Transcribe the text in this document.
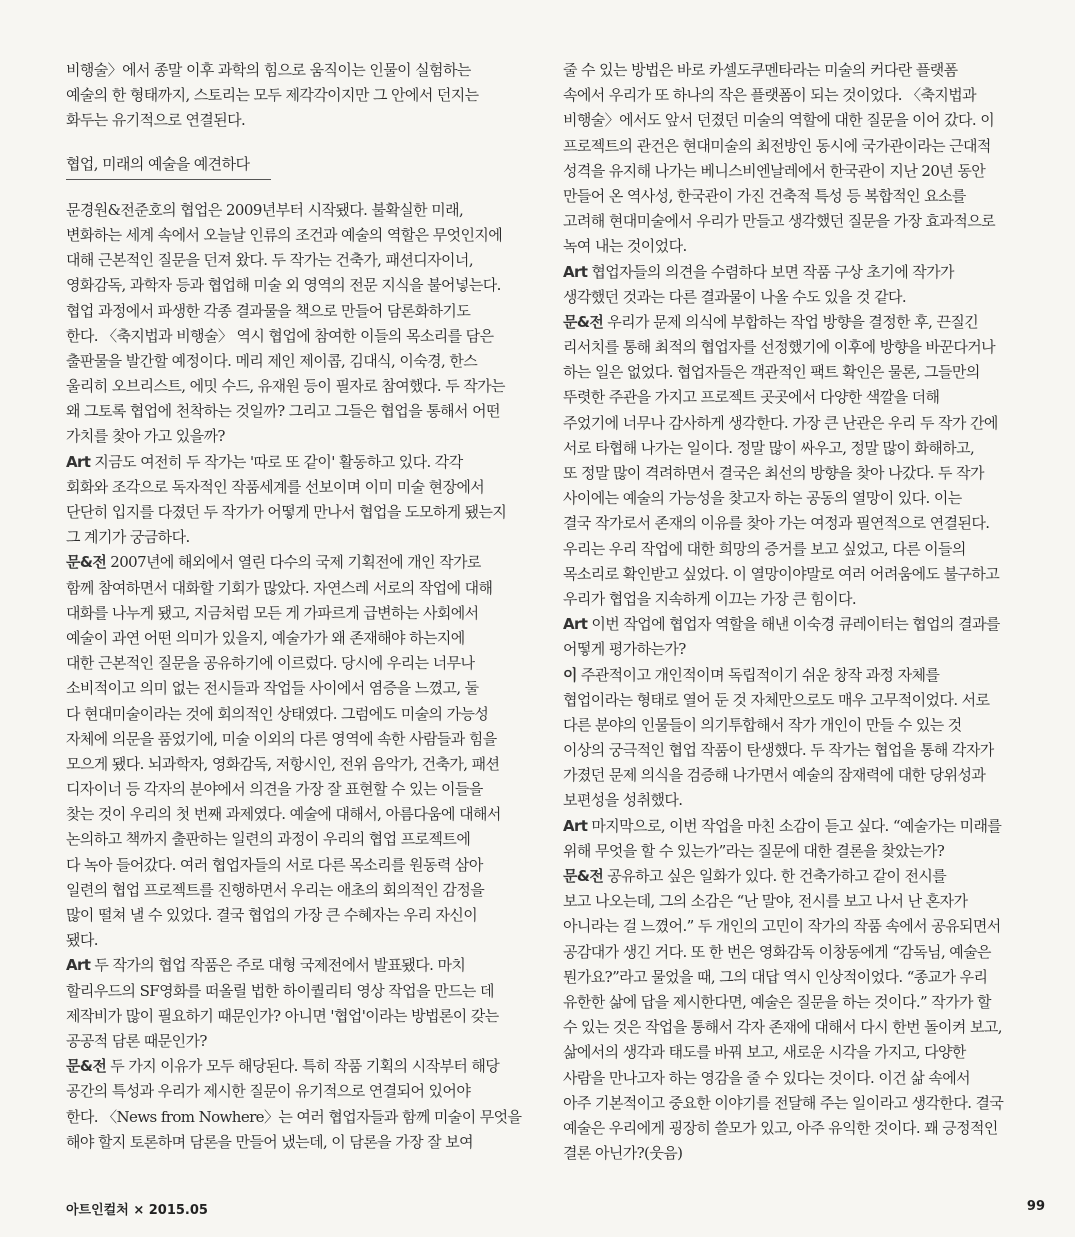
비행술〉에서 종말 이후 과학의 힘으로 움직이는 인물이 실험하는
예술의 한 형태까지, 스토리는 모두 제각각이지만 그 안에서 던지는
화두는 유기적으로 연결된다.
협업, 미래의 예술을 예견하다
문경원&전준호의 협업은 2009년부터 시작됐다. 불확실한 미래,
변화하는 세계 속에서 오늘날 인류의 조건과 예술의 역할은 무엇인지에
대해 근본적인 질문을 던져 왔다. 두 작가는 건축가, 패션디자이너,
영화감독, 과학자 등과 협업해 미술 외 영역의 전문 지식을 불어넣는다.
협업 과정에서 파생한 각종 결과물을 책으로 만들어 담론화하기도
한다. 〈축지법과 비행술〉 역시 협업에 참여한 이들의 목소리를 담은
출판물을 발간할 예정이다. 메리 제인 제이콥, 김대식, 이숙경, 한스
울리히 오브리스트, 에밋 수드, 유재원 등이 필자로 참여했다. 두 작가는
왜 그토록 협업에 천착하는 것일까? 그리고 그들은 협업을 통해서 어떤
가치를 찾아 가고 있을까?
Art 지금도 여전히 두 작가는 '따로 또 같이' 활동하고 있다. 각각
회화와 조각으로 독자적인 작품세계를 선보이며 이미 미술 현장에서
단단히 입지를 다졌던 두 작가가 어떻게 만나서 협업을 도모하게 됐는지
그 계기가 궁금하다.
문&전 2007년에 해외에서 열린 다수의 국제 기획전에 개인 작가로
함께 참여하면서 대화할 기회가 많았다. 자연스레 서로의 작업에 대해
대화를 나누게 됐고, 지금처럼 모든 게 가파르게 급변하는 사회에서
예술이 과연 어떤 의미가 있을지, 예술가가 왜 존재해야 하는지에
대한 근본적인 질문을 공유하기에 이르렀다. 당시에 우리는 너무나
소비적이고 의미 없는 전시들과 작업들 사이에서 염증을 느꼈고, 둘
다 현대미술이라는 것에 회의적인 상태였다. 그럼에도 미술의 가능성
자체에 의문을 품었기에, 미술 이외의 다른 영역에 속한 사람들과 힘을
모으게 됐다. 뇌과학자, 영화감독, 저항시인, 전위 음악가, 건축가, 패션
디자이너 등 각자의 분야에서 의견을 가장 잘 표현할 수 있는 이들을
찾는 것이 우리의 첫 번째 과제였다. 예술에 대해서, 아름다움에 대해서
논의하고 책까지 출판하는 일련의 과정이 우리의 협업 프로젝트에
다 녹아 들어갔다. 여러 협업자들의 서로 다른 목소리를 원동력 삼아
일련의 협업 프로젝트를 진행하면서 우리는 애초의 회의적인 감정을
많이 떨쳐 낼 수 있었다. 결국 협업의 가장 큰 수혜자는 우리 자신이
됐다.
Art 두 작가의 협업 작품은 주로 대형 국제전에서 발표됐다. 마치
할리우드의 SF영화를 떠올릴 법한 하이퀄리티 영상 작업을 만드는 데
제작비가 많이 필요하기 때문인가? 아니면 '협업'이라는 방법론이 갖는
공공적 담론 때문인가?
문&전 두 가지 이유가 모두 해당된다. 특히 작품 기획의 시작부터 해당
공간의 특성과 우리가 제시한 질문이 유기적으로 연결되어 있어야
한다. 〈News from Nowhere〉는 여러 협업자들과 함께 미술이 무엇을
해야 할지 토론하며 담론을 만들어 냈는데, 이 담론을 가장 잘 보여
줄 수 있는 방법은 바로 카셀도쿠멘타라는 미술의 커다란 플랫폼
속에서 우리가 또 하나의 작은 플랫폼이 되는 것이었다. 〈축지법과
비행술〉에서도 앞서 던졌던 미술의 역할에 대한 질문을 이어 갔다. 이
프로젝트의 관건은 현대미술의 최전방인 동시에 국가관이라는 근대적
성격을 유지해 나가는 베니스비엔날레에서 한국관이 지난 20년 동안
만들어 온 역사성, 한국관이 가진 건축적 특성 등 복합적인 요소를
고려해 현대미술에서 우리가 만들고 생각했던 질문을 가장 효과적으로
녹여 내는 것이었다.
Art 협업자들의 의견을 수렴하다 보면 작품 구상 초기에 작가가
생각했던 것과는 다른 결과물이 나올 수도 있을 것 같다.
문&전 우리가 문제 의식에 부합하는 작업 방향을 결정한 후, 끈질긴
리서치를 통해 최적의 협업자를 선정했기에 이후에 방향을 바꾼다거나
하는 일은 없었다. 협업자들은 객관적인 팩트 확인은 물론, 그들만의
뚜렷한 주관을 가지고 프로젝트 곳곳에서 다양한 색깔을 더해
주었기에 너무나 감사하게 생각한다. 가장 큰 난관은 우리 두 작가 간에
서로 타협해 나가는 일이다. 정말 많이 싸우고, 정말 많이 화해하고,
또 정말 많이 격려하면서 결국은 최선의 방향을 찾아 나갔다. 두 작가
사이에는 예술의 가능성을 찾고자 하는 공동의 열망이 있다. 이는
결국 작가로서 존재의 이유를 찾아 가는 여정과 필연적으로 연결된다.
우리는 우리 작업에 대한 희망의 증거를 보고 싶었고, 다른 이들의
목소리로 확인받고 싶었다. 이 열망이야말로 여러 어려움에도 불구하고
우리가 협업을 지속하게 이끄는 가장 큰 힘이다.
Art 이번 작업에 협업자 역할을 해낸 이숙경 큐레이터는 협업의 결과를
어떻게 평가하는가?
이 주관적이고 개인적이며 독립적이기 쉬운 창작 과정 자체를
협업이라는 형태로 열어 둔 것 자체만으로도 매우 고무적이었다. 서로
다른 분야의 인물들이 의기투합해서 작가 개인이 만들 수 있는 것
이상의 궁극적인 협업 작품이 탄생했다. 두 작가는 협업을 통해 각자가
가졌던 문제 의식을 검증해 나가면서 예술의 잠재력에 대한 당위성과
보편성을 성취했다.
Art 마지막으로, 이번 작업을 마친 소감이 듣고 싶다. “예술가는 미래를
위해 무엇을 할 수 있는가”라는 질문에 대한 결론을 찾았는가?
문&전 공유하고 싶은 일화가 있다. 한 건축가하고 같이 전시를
보고 나오는데, 그의 소감은 “난 말야, 전시를 보고 나서 난 혼자가
아니라는 걸 느꼈어.” 두 개인의 고민이 작가의 작품 속에서 공유되면서
공감대가 생긴 거다. 또 한 번은 영화감독 이창동에게 “감독님, 예술은
뭔가요?”라고 물었을 때, 그의 대답 역시 인상적이었다. “종교가 우리
유한한 삶에 답을 제시한다면, 예술은 질문을 하는 것이다.” 작가가 할
수 있는 것은 작업을 통해서 각자 존재에 대해서 다시 한번 돌이켜 보고,
삶에서의 생각과 태도를 바꿔 보고, 새로운 시각을 가지고, 다양한
사람을 만나고자 하는 영감을 줄 수 있다는 것이다. 이건 삶 속에서
아주 기본적이고 중요한 이야기를 전달해 주는 일이라고 생각한다. 결국
예술은 우리에게 굉장히 쓸모가 있고, 아주 유익한 것이다. 꽤 긍정적인
결론 아닌가?(웃음)
아트인컬처 × 2015.05	99
